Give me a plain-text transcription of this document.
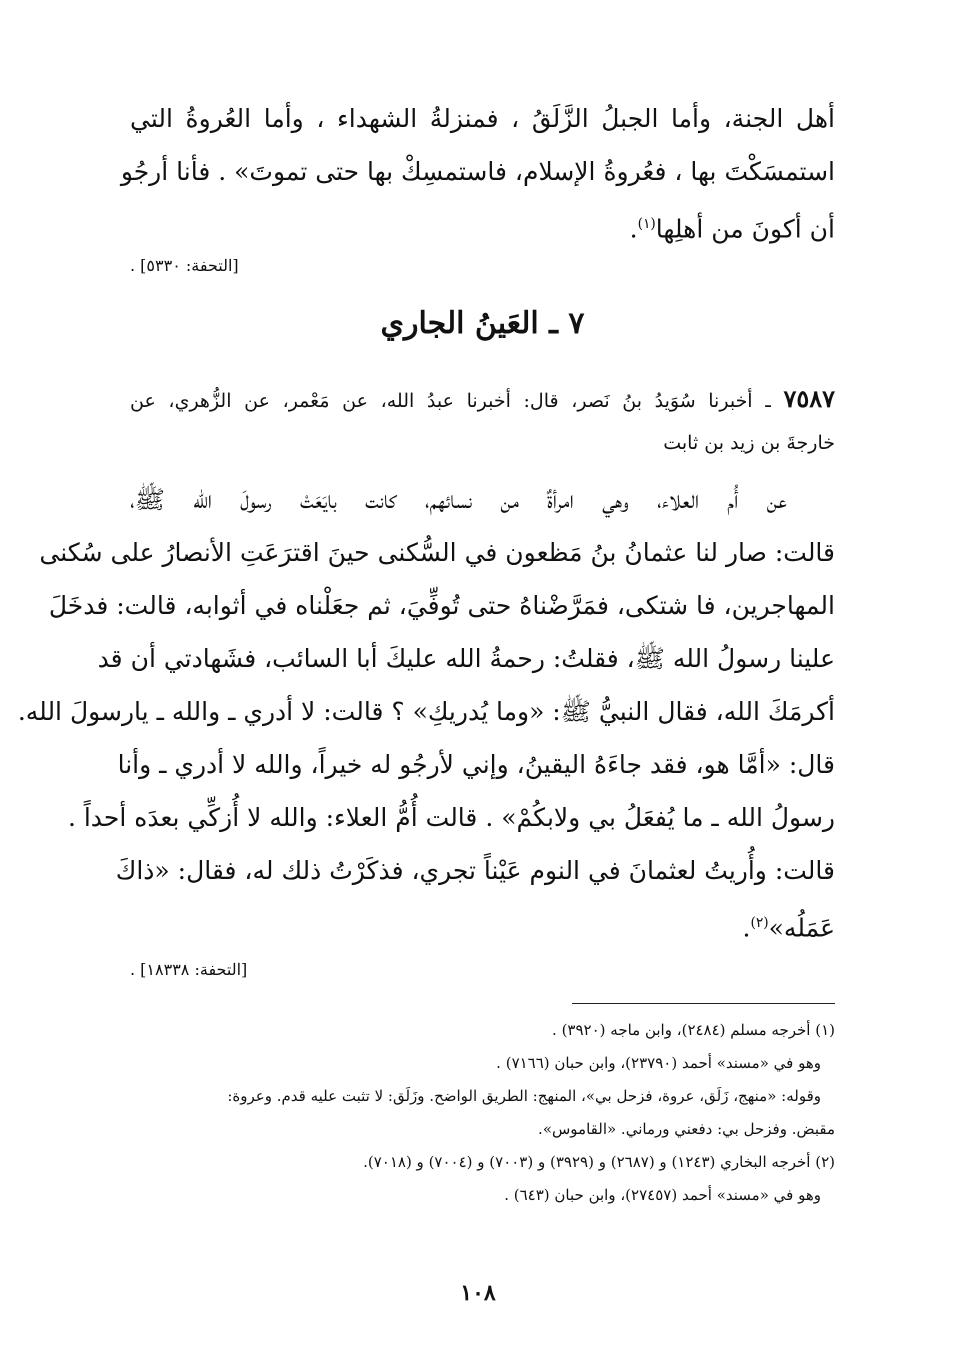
أهل الجنة، وأما الجبلُ الزَّلَقُ ، فمنزلةُ الشهداء ، وأما العُروةُ التي
استمسَكْتَ بها ، فعُروةُ الإسلام، فاستمسِكْ بها حتى تموتَ» . فأنا أرجُو
أن أكونَ من أهلِها$^{(١)}$.
[التحفة: ٥٣٣٠] .
٧ ـ العَينُ الجاري
٧٥٨٧ ـ أخبرنا سُوَيدُ بنُ نَصر، قال: أخبرنا عبدُ الله، عن مَعْمر، عن الزُّهري، عن
خارجةَ بن زيد بن ثابت
عن أُم العلاء، وهي امرأةٌ من نسائهم، كانت بايَعَتْ رسولَ الله ﷺ،
قالت: صار لنا عثمانُ بنُ مَظعون في السُّكنى حينَ اقترَعَتِ الأنصارُ على سُكنى
المهاجرين، فا شتكى، فمَرَّضْناهُ حتى تُوفِّيَ، ثم جعَلْناه في أثوابه، قالت: فدخَلَ
علينا رسولُ الله ﷺ، فقلتُ: رحمةُ الله عليكَ أبا السائب، فشَهادتي أن قد
أكرمَكَ الله، فقال النبيُّ ﷺ: «وما يُدريكِ» ؟ قالت: لا أدري ـ والله ـ يارسولَ الله.
قال: «أمَّا هو، فقد جاءَهُ اليقينُ، وإني لأرجُو له خيراً، والله لا أدري ـ وأنا
رسولُ الله ـ ما يُفعَلُ بي ولابكُمْ» . قالت أُمُّ العلاء: والله لا أُزكِّي بعدَه أحداً .
قالت: وأُريتُ لعثمانَ في النوم عَيْناً تجري، فذكَرْتُ ذلك له، فقال: «ذاكَ
عَمَلُه»$^{(٢)}$.
[التحفة: ١٨٣٣٨] .
(١) أخرجه مسلم (٢٤٨٤)، وابن ماجه (٣٩٢٠) .
وهو في «مسند» أحمد (٢٣٧٩٠)، وابن حبان (٧١٦٦) .
وقوله: «منهج، زَلَق، عروة، فزحل بي»، المنهج: الطريق الواضح. وزَلَق: لا تثبت عليه قدم. وعروة:
مقبض. وفزحل بي: دفعني ورماني. «القاموس».
(٢) أخرجه البخاري (١٢٤٣) و (٢٦٨٧) و (٣٩٢٩) و (٧٠٠٣) و (٧٠٠٤) و (٧٠١٨).
وهو في «مسند» أحمد (٢٧٤٥٧)، وابن حبان (٦٤٣) .
١٠٨
